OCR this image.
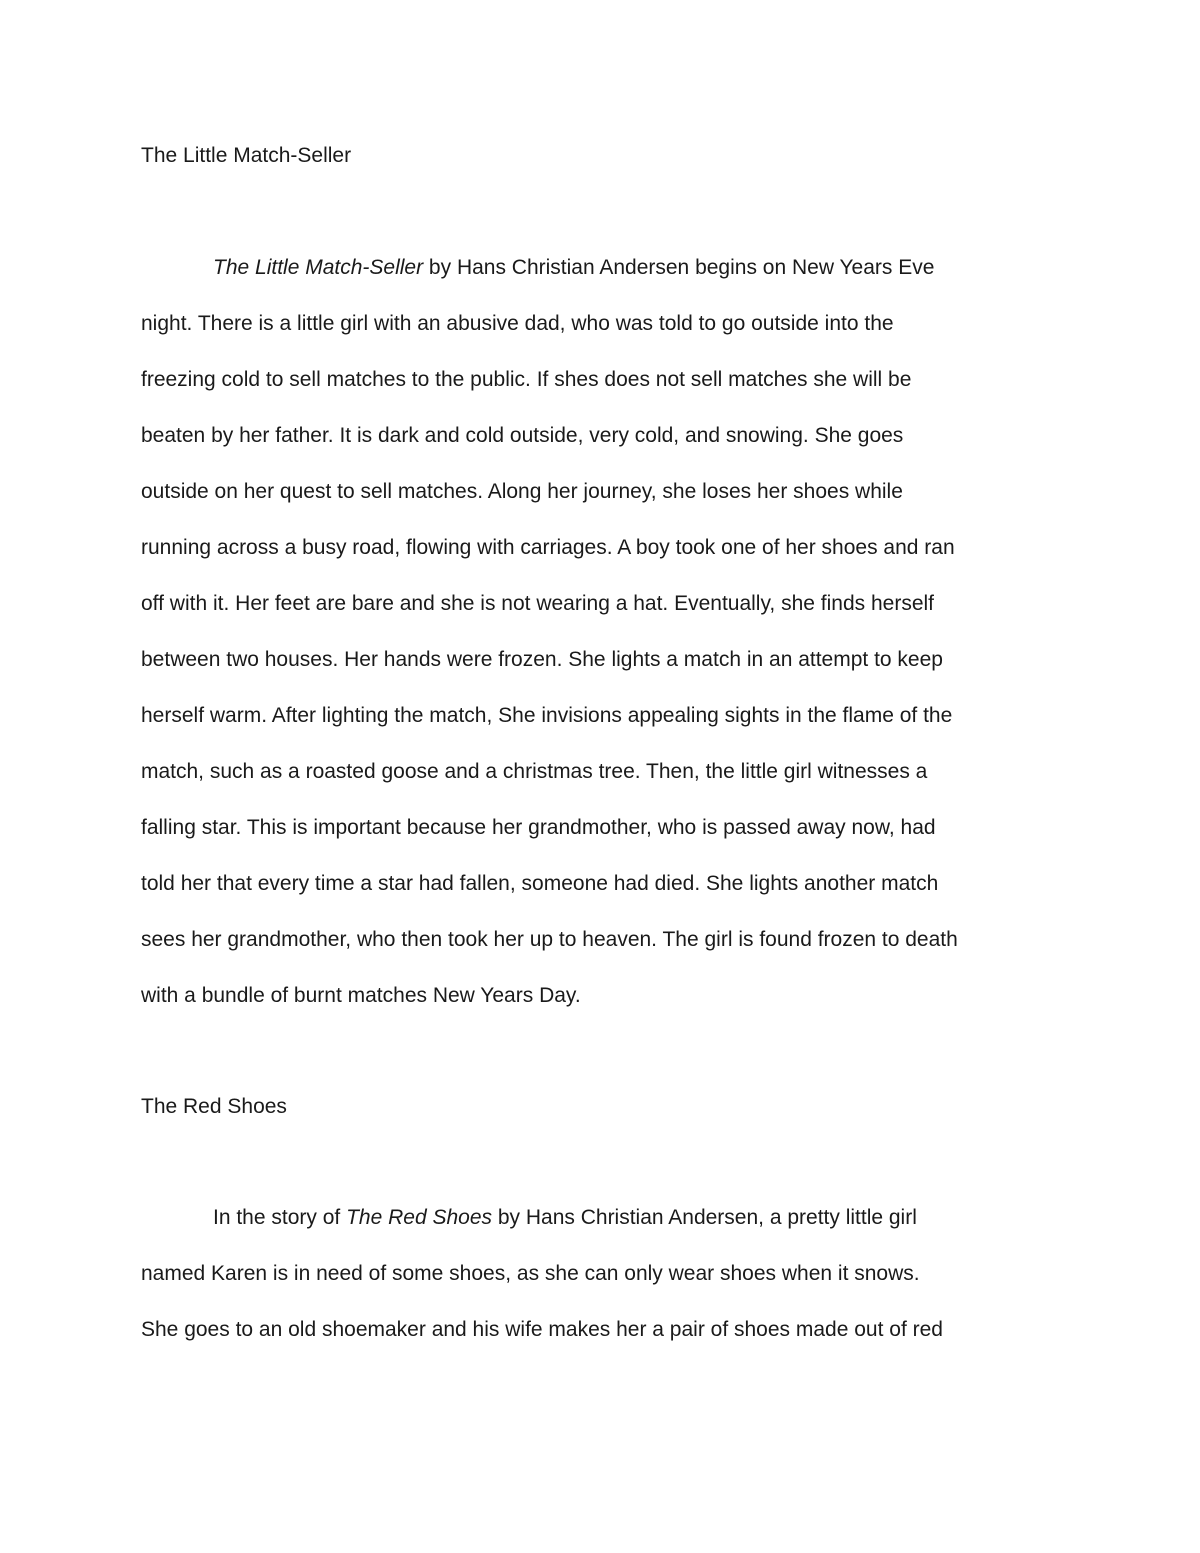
The Little Match-Seller
The Little Match-Seller by Hans Christian Andersen begins on New Years Eve
night. There is a little girl with an abusive dad, who was told to go outside into the
freezing cold to sell matches to the public. If shes does not sell matches she will be
beaten by her father. It is dark and cold outside, very cold, and snowing. She goes
outside on her quest to sell matches. Along her journey, she loses her shoes while
running across a busy road, flowing with carriages. A boy took one of her shoes and ran
off with it. Her feet are bare and she is not wearing a hat. Eventually, she finds herself
between two houses. Her hands were frozen. She lights a match in an attempt to keep
herself warm. After lighting the match, She invisions appealing sights in the flame of the
match, such as a roasted goose and a christmas tree. Then, the little girl witnesses a
falling star. This is important because her grandmother, who is passed away now, had
told her that every time a star had fallen, someone had died. She lights another match
sees her grandmother, who then took her up to heaven. The girl is found frozen to death
with a bundle of burnt matches New Years Day.
The Red Shoes
In the story of The Red Shoes by Hans Christian Andersen, a pretty little girl
named Karen is in need of some shoes, as she can only wear shoes when it snows.
She goes to an old shoemaker and his wife makes her a pair of shoes made out of red
